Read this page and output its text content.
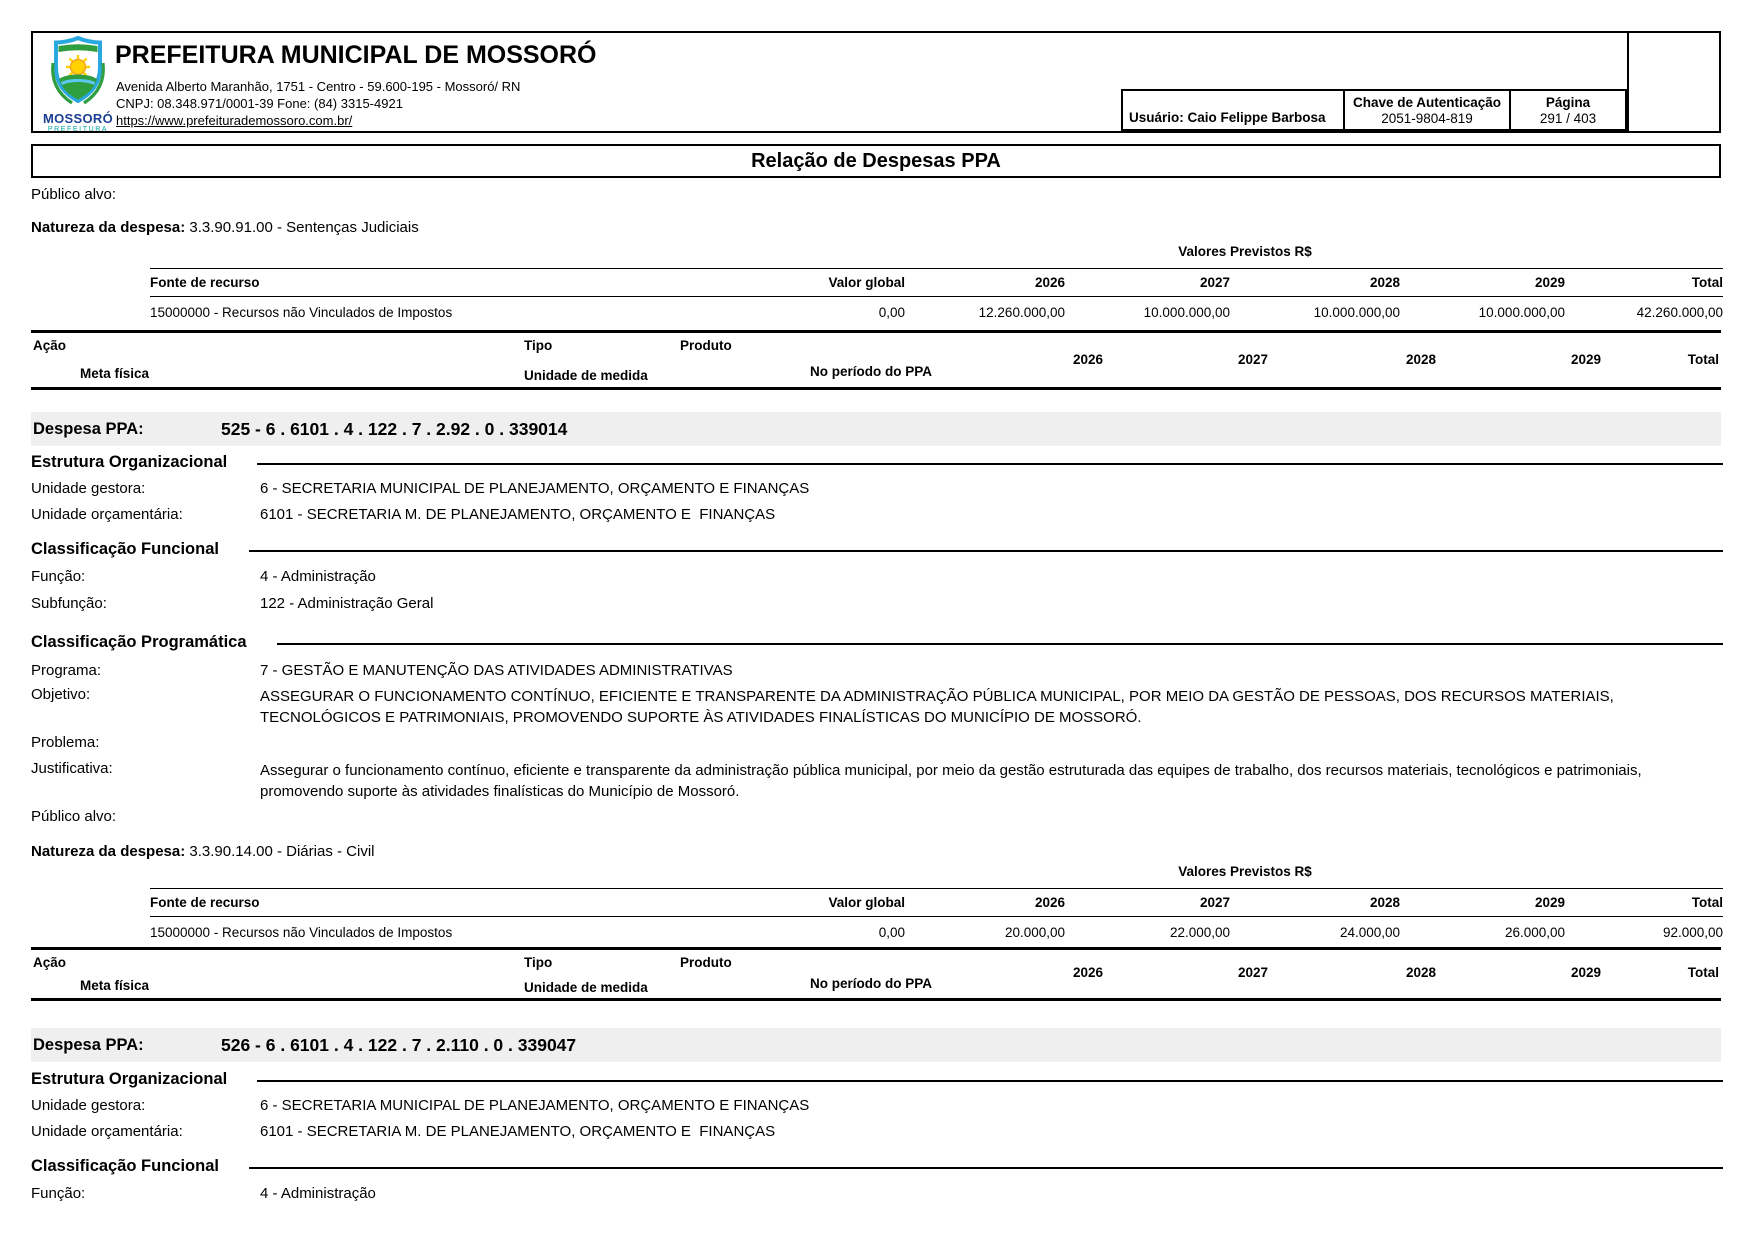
MOSSORÓ
PREFEITURA
PREFEITURA MUNICIPAL DE MOSSORÓ
Avenida Alberto Maranhão, 1751 - Centro - 59.600-195 - Mossoró/ RN
CNPJ: 08.348.971/0001-39 Fone: (84) 3315-4921
https://www.prefeiturademossoro.com.br/	Usuário: Caio Felippe Barbosa
Chave de Autenticação
2051-9804-819
Página
291 / 403
Relação de Despesas PPA
Público alvo:
Natureza da despesa: 3.3.90.91.00 - Sentenças Judiciais
Valores Previstos R$
Fonte de recurso	Valor global	2026	2027	2028	2029	Total
15000000 - Recursos não Vinculados de Impostos	0,00	12.260.000,00	10.000.000,00	10.000.000,00	10.000.000,00	42.260.000,00
Ação	Tipo	Produto
Meta física	Unidade de medida	No período do PPA
2026	2027	2028	2029	Total
Despesa PPA:	525 - 6 . 6101 . 4 . 122 . 7 . 2.92 . 0 . 339014
Estrutura Organizacional
Unidade gestora:	6 - SECRETARIA MUNICIPAL DE PLANEJAMENTO, ORÇAMENTO E FINANÇAS
Unidade orçamentária:	6101 - SECRETARIA M. DE PLANEJAMENTO, ORÇAMENTO E  FINANÇAS
Classificação Funcional
Função:	4 - Administração
Subfunção:	122 - Administração Geral
Classificação Programática
Programa:	7 - GESTÃO E MANUTENÇÃO DAS ATIVIDADES ADMINISTRATIVAS
Objetivo:	ASSEGURAR O FUNCIONAMENTO CONTÍNUO, EFICIENTE E TRANSPARENTE DA ADMINISTRAÇÃO PÚBLICA MUNICIPAL, POR MEIO DA GESTÃO DE PESSOAS, DOS RECURSOS MATERIAIS, TECNOLÓGICOS E PATRIMONIAIS, PROMOVENDO SUPORTE ÀS ATIVIDADES FINALÍSTICAS DO MUNICÍPIO DE MOSSORÓ.
Problema:
Justificativa:	Assegurar o funcionamento contínuo, eficiente e transparente da administração pública municipal, por meio da gestão estruturada das equipes de trabalho, dos recursos materiais, tecnológicos e patrimoniais, promovendo suporte às atividades finalísticas do Município de Mossoró.
Público alvo:
Natureza da despesa: 3.3.90.14.00 - Diárias - Civil
Valores Previstos R$
Fonte de recurso	Valor global	2026	2027	2028	2029	Total
15000000 - Recursos não Vinculados de Impostos	0,00	20.000,00	22.000,00	24.000,00	26.000,00	92.000,00
Ação	Tipo	Produto
Meta física	Unidade de medida	No período do PPA
2026	2027	2028	2029	Total
Despesa PPA:	526 - 6 . 6101 . 4 . 122 . 7 . 2.110 . 0 . 339047
Estrutura Organizacional
Unidade gestora:	6 - SECRETARIA MUNICIPAL DE PLANEJAMENTO, ORÇAMENTO E FINANÇAS
Unidade orçamentária:	6101 - SECRETARIA M. DE PLANEJAMENTO, ORÇAMENTO E  FINANÇAS
Classificação Funcional
Função:	4 - Administração
